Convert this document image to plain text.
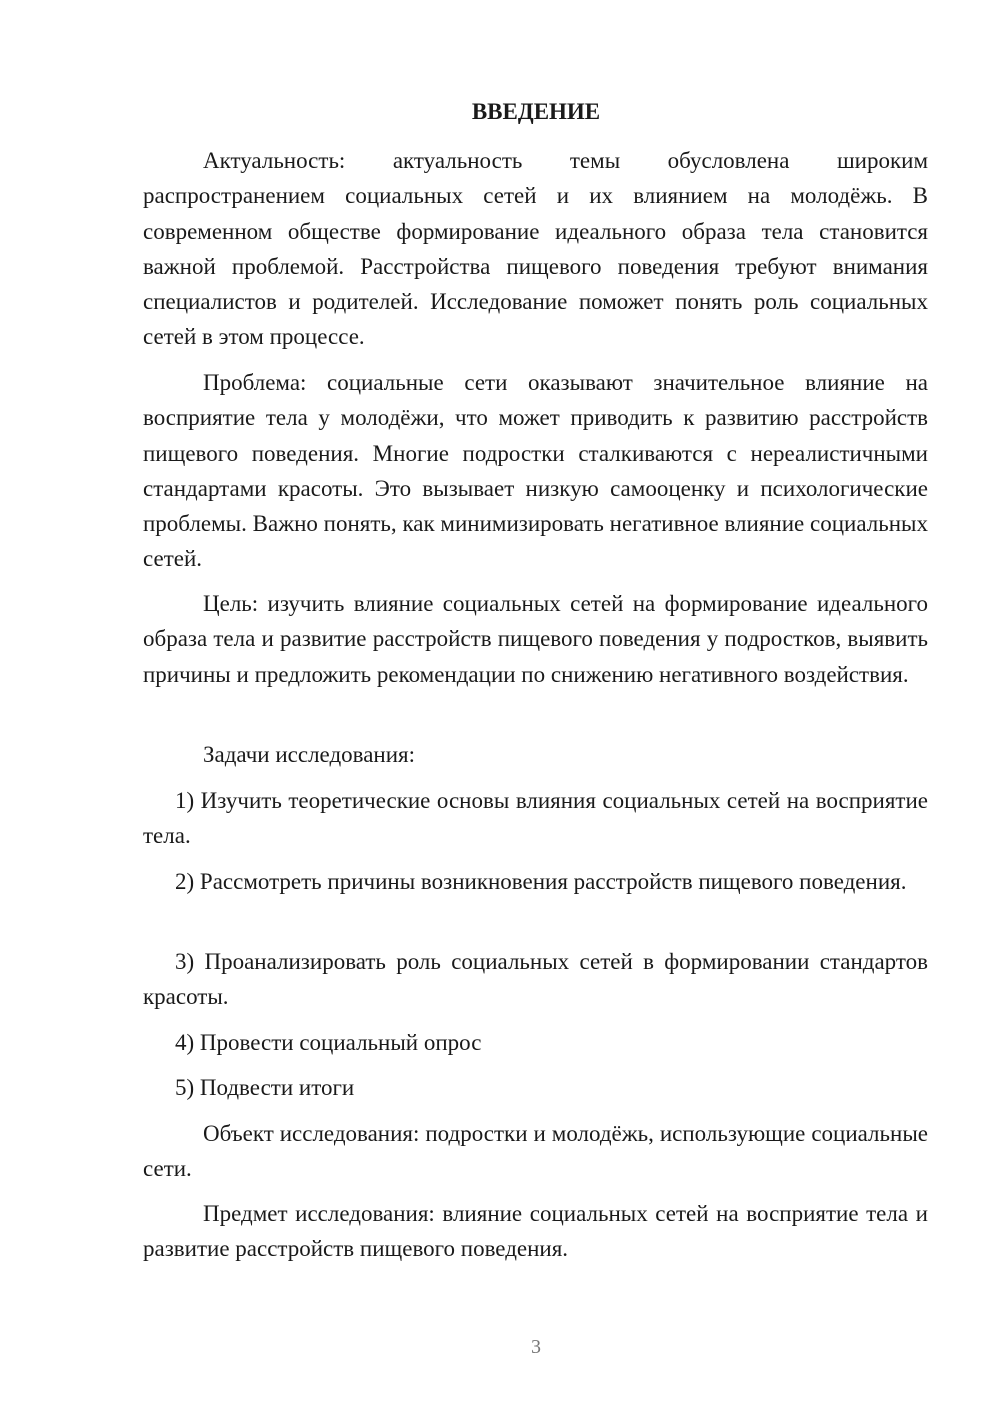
ВВЕДЕНИЕ

Актуальность: актуальность темы обусловлена широким распространением социальных сетей и их влиянием на молодёжь. В современном обществе формирование идеального образа тела становится важной проблемой. Расстройства пищевого поведения требуют внимания специалистов и родителей. Исследование поможет понять роль социальных сетей в этом процессе.

Проблема: социальные сети оказывают значительное влияние на восприятие тела у молодёжи, что может приводить к развитию расстройств пищевого поведения. Многие подростки сталкиваются с нереалистичными стандартами красоты. Это вызывает низкую самооценку и психологические проблемы. Важно понять, как минимизировать негативное влияние социальных сетей.

Цель: изучить влияние социальных сетей на формирование идеального образа тела и развитие расстройств пищевого поведения у подростков, выявить причины и предложить рекомендации по снижению негативного воздействия.

Задачи исследования:

1) Изучить теоретические основы влияния социальных сетей на восприятие тела.

2) Рассмотреть причины возникновения расстройств пищевого поведения.

3) Проанализировать роль социальных сетей в формировании стандартов красоты.

4) Провести социальный опрос

5) Подвести итоги

Объект исследования: подростки и молодёжь, использующие социальные сети.

Предмет исследования: влияние социальных сетей на восприятие тела и развитие расстройств пищевого поведения.

3
